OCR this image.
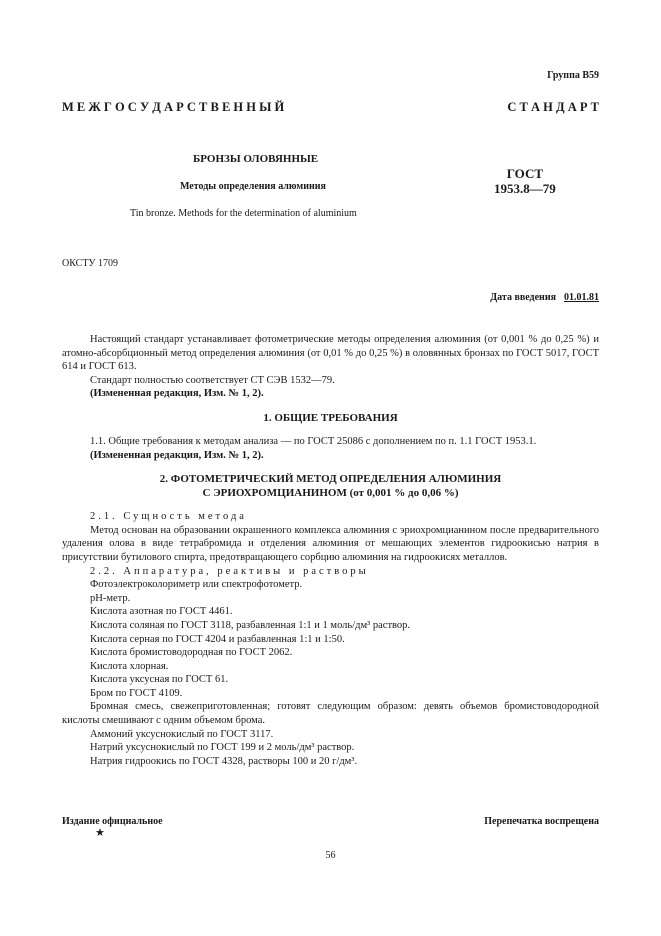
Группа В59
М Е Ж Г О С У Д А Р С Т В Е Н Н Ы Й	С Т А Н Д А Р Т
БРОНЗЫ ОЛОВЯННЫЕ
Методы определения алюминия
Tin bronze. Methods for the determination of aluminium
ГОСТ
1953.8—79
ОКСТУ 1709
Дата введения 01.01.81

Настоящий стандарт устанавливает фотометрические методы определения алюминия (от 0,001 % до 0,25 %) и атомно-абсорбционный метод определения алюминия (от 0,01 % до 0,25 %) в оловянных бронзах по ГОСТ 5017, ГОСТ 614 и ГОСТ 613.

Стандарт полностью соответствует СТ СЭВ 1532—79.

(Измененная редакция, Изм. № 1, 2).

1. ОБЩИЕ ТРЕБОВАНИЯ

1.1. Общие требования к методам анализа — по ГОСТ 25086 с дополнением по п. 1.1 ГОСТ 1953.1.

(Измененная редакция, Изм. № 1, 2).

2. ФОТОМЕТРИЧЕСКИЙ МЕТОД ОПРЕДЕЛЕНИЯ АЛЮМИНИЯ
С ЭРИОХРОМЦИАНИНОМ (от 0,001 % до 0,06 %)

2.1. Сущность метода

Метод основан на образовании окрашенного комплекса алюминия с эриохромцианином после предварительного удаления олова в виде тетрабромида и отделения алюминия от мешающих элементов гидроокисью натрия в присутствии бутилового спирта, предотвращающего сорбцию алюминия на гидроокисях металлов.

2.2. Аппаратура, реактивы и растворы

Фотоэлектроколориметр или спектрофотометр.

рН-метр.

Кислота азотная по ГОСТ 4461.

Кислота соляная по ГОСТ 3118, разбавленная 1:1 и 1 моль/дм³ раствор.

Кислота серная по ГОСТ 4204 и разбавленная 1:1 и 1:50.

Кислота бромистоводородная по ГОСТ 2062.

Кислота хлорная.

Кислота уксусная по ГОСТ 61.

Бром по ГОСТ 4109.

Бромная смесь, свежеприготовленная; готовят следующим образом: девять объемов бромистоводородной кислоты смешивают с одним объемом брома.

Аммоний уксуснокислый по ГОСТ 3117.

Натрий уксуснокислый по ГОСТ 199 и 2 моль/дм³ раствор.

Натрия гидроокись по ГОСТ 4328, растворы 100 и 20 г/дм³.

Издание официальное	Перепечатка воспрещена
★
56
